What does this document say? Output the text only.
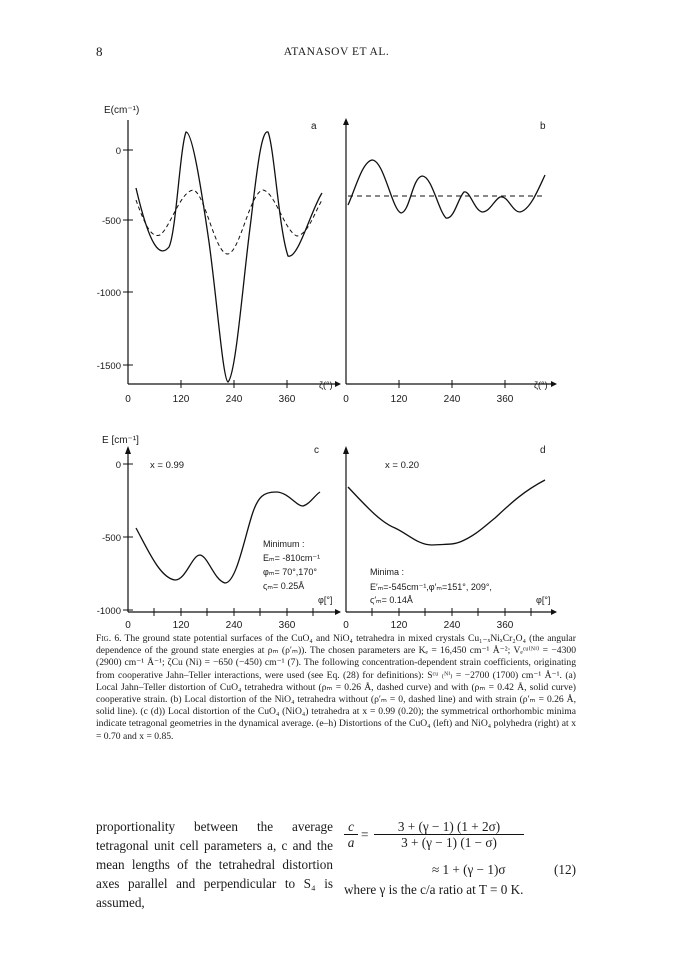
8	ATANASOV ET AL.
E(cm⁻¹)
0
-500
-1000
-1500
0	120	240	360
ζ(°)
a
0	120	240	360
ζ(°)
b
E [cm⁻¹]
0
-500
-1000
0	120	240	360
φ[°]
c
x = 0.99
Minimum :
Eₘ= -810cm⁻¹
φₘ= 70°,170°
ςₘ= 0.25Å
0	120	240	360
φ[°]
d
x = 0.20
Minima :
E′ₘ=-545cm⁻¹,φ′ₘ=151°, 209°,
ς′ₘ= 0.14Å
Fig. 6. The ground state potential surfaces of the CuO₄ and NiO₄ tetrahedra in mixed crystals Cu₁₋ₓNiₓCr₂O₄ (the angular dependence of the ground state energies at ρₘ (ρ′ₘ)). The chosen parameters are Kₑ = 16,450 cm⁻¹ Å⁻²; Vₑᶜᵘ⁽ᴺⁱ⁾ = −4300 (2900) cm⁻¹ Å⁻¹; ζCu (Ni) = −650 (−450) cm⁻¹ (7). The following concentration-dependent strain coefficients, originating from cooperative Jahn–Teller interactions, were used (see Eq. (28) for definitions): Sᶜᵘ ₍ᴺⁱ₎ = −2700 (1700) cm⁻¹ Å⁻¹. (a) Local Jahn–Teller distortion of CuO₄ tetrahedra without (ρₘ = 0.26 Å, dashed curve) and with (ρₘ = 0.42 Å, solid curve) cooperative strain. (b) Local distortion of the NiO₄ tetrahedra without (ρ′ₘ = 0, dashed line) and with strain (ρ′ₘ = 0.26 Å, solid line). (c (d)) Local distortion of the CuO₄ (NiO₄) tetrahedra at x = 0.99 (0.20); the symmetrical orthorhombic minima indicate tetragonal geometries in the dynamical average. (e–h) Distortions of the CuO₄ (left) and NiO₄ polyhedra (right) at x = 0.70 and x = 0.85.
proportionality between the average tetragonal unit cell parameters a, c and the mean lengths of the tetrahedral distortion axes parallel and perpendicular to S₄ is assumed,
$\frac{c}{a} = \frac{3 + (\gamma - 1) (1 + 2\sigma)}{3 + (\gamma - 1) (1 - \sigma)}$
≈ 1 + (γ − 1)σ	(12)
where γ is the c/a ratio at T = 0 K.
